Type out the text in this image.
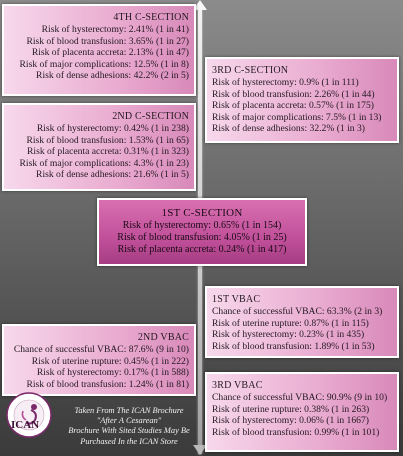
4TH C-SECTION
Risk of hysterectomy: 2.41% (1 in 41)
Risk of blood transfusion: 3.65% (1 in 27)
Risk of placenta accreta: 2.13% (1 in 47)
Risk of major complications: 12.5% (1 in 8)
Risk of dense adhesions: 42.2% (2 in 5) 3RD C-SECTION
Risk of hysterectomy: 0.9% (1 in 111)
Risk of blood transfusion: 2.26% (1 in 44)
Risk of placenta accreta: 0.57% (1 in 175)
Risk of major complications: 7.5% (1 in 13)
Risk of dense adhesions: 32.2% (1 in 3)
2ND C-SECTION
Risk of hysterectomy: 0.42% (1 in 238)
Risk of blood transfusion: 1.53% (1 in 65)
Risk of placenta accreta: 0.31% (1 in 323)
Risk of major complications: 4.3% (1 in 23)
Risk of dense adhesions: 21.6% (1 in 5)
1ST C-SECTION
Risk of hysterectomy: 0.65% (1 in 154)
Risk of blood transfusion: 4.05% (1 in 25)
Risk of placenta accreta: 0.24% (1 in 417)
1ST VBAC
Chance of successful VBAC: 63.3% (2 in 3)
Risk of uterine rupture: 0.87% (1 in 115)
Risk of hysterectomy: 0.23% (1 in 435)
Risk of blood transfusion: 1.89% (1 in 53)
2ND VBAC
Chance of successful VBAC: 87.6% (9 in 10)
Risk of uterine rupture: 0.45% (1 in 222)
Risk of hysterectomy: 0.17% (1 in 588)
Risk of blood transfusion: 1.24% (1 in 81) 3RD VBAC
Chance of successful VBAC: 90.9% (9 in 10)
Risk of uterine rupture: 0.38% (1 in 263)
Risk of hysterectomy: 0.06% (1 in 1667)
Risk of blood transfusion: 0.99% (1 in 101)
ICAN
Taken From The ICAN Brochure
"After A Cesarean"
Brochure With Sited Studies May Be
Purchased In the ICAN Store
